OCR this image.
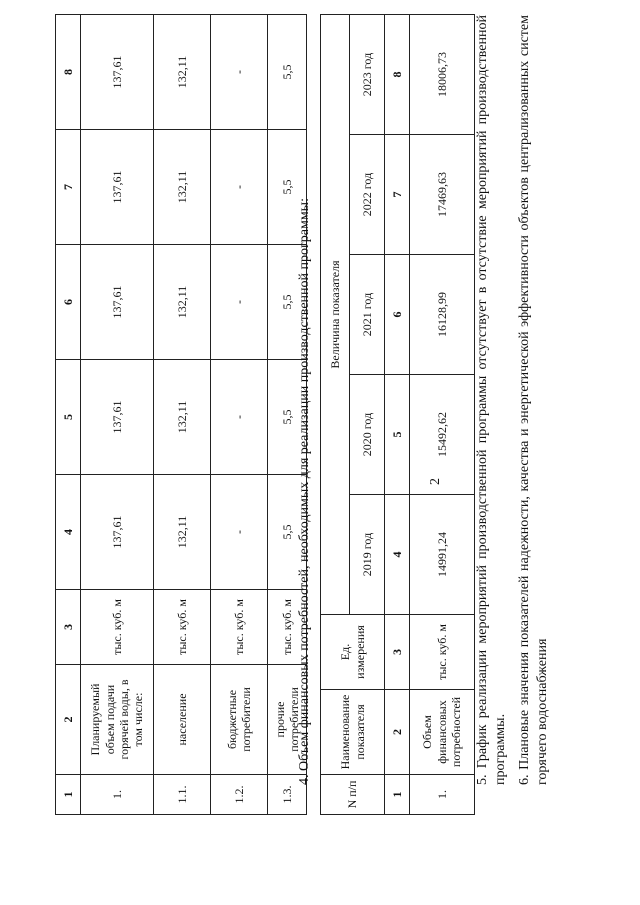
2
1	2	3	4	5	6	7	8
1.	Планируемый объем подачи горячей воды, в том числе:	тыс. куб. м	137,61	137,61	137,61	137,61	137,61
1.1.	население	тыс. куб. м	132,11	132,11	132,11	132,11	132,11
1.2.	бюджетные потребители	тыс. куб. м	-	-	-	-	-
1.3.	прочие потребители	тыс. куб. м	5,5	5,5	5,5	5,5	5,5
4. Объем финансовых потребностей, необходимых для реализации производственной программы:
N п/п	Наименование показателя	Ед. измерения	Величина показателя				
			2019 год	2020 год	2021 год	2022 год	2023 год
1	2	3	4	5	6	7	8
1.	Объем финансовых потребностей	тыс. куб. м	14991,24	15492,62	16128,99	17469,63	18006,73 5. График реализации мероприятий производственной программы отсутствует в отсутствие мероприятий производственной программы. 6. Плановые значения показателей надежности, качества и энергетической эффективности объектов централизованных систем горячего водоснабжения
